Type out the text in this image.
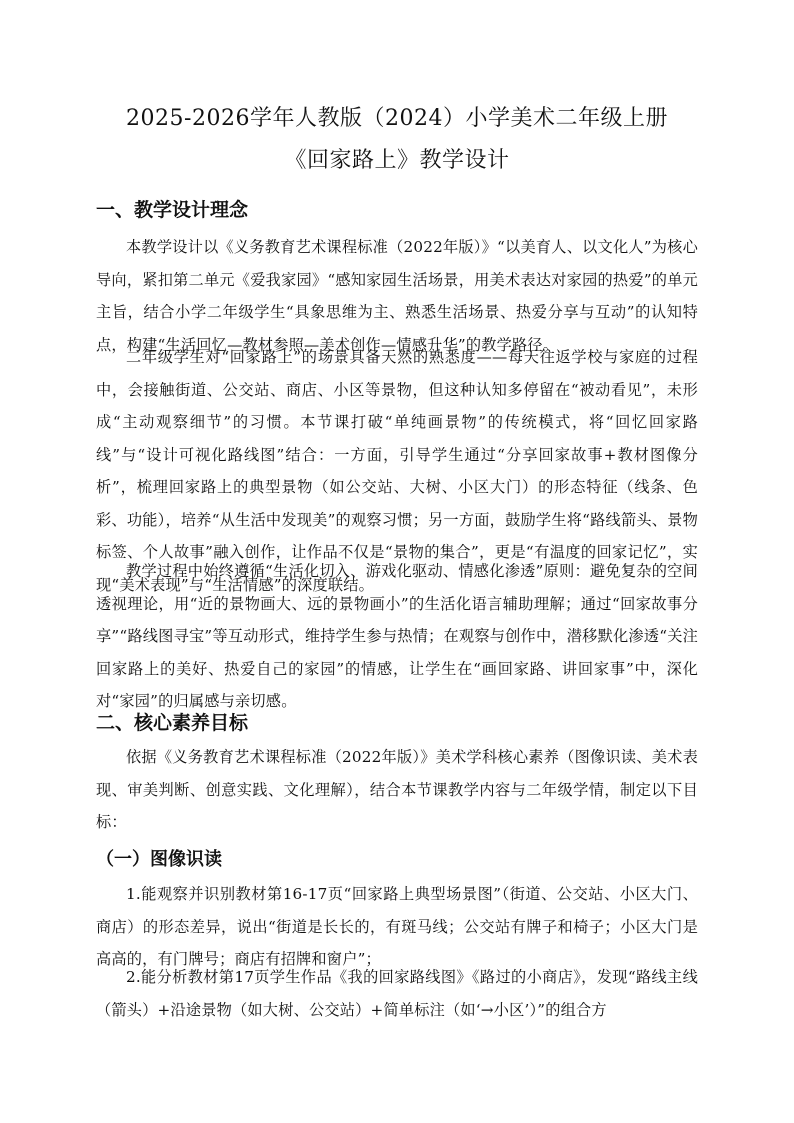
2025-2026学年人教版（2024）小学美术二年级上册
《回家路上》教学设计
一、教学设计理念

本教学设计以《义务教育艺术课程标准（2022年版）》“以美育人、以文化人”为核心导向，紧扣第二单元《爱我家园》“感知家园生活场景，用美术表达对家园的热爱”的单元主旨，结合小学二年级学生“具象思维为主、熟悉生活场景、热爱分享与互动”的认知特点，构建“生活回忆—教材参照—美术创作—情感升华”的教学路径。

二年级学生对“回家路上”的场景具备天然的熟悉度——每天往返学校与家庭的过程中，会接触街道、公交站、商店、小区等景物，但这种认知多停留在“被动看见”，未形成“主动观察细节”的习惯。本节课打破“单纯画景物”的传统模式，将“回忆回家路线”与“设计可视化路线图”结合：一方面，引导学生通过“分享回家故事+教材图像分析”，梳理回家路上的典型景物（如公交站、大树、小区大门）的形态特征（线条、色彩、功能），培养“从生活中发现美”的观察习惯；另一方面，鼓励学生将“路线箭头、景物标签、个人故事”融入创作，让作品不仅是“景物的集合”，更是“有温度的回家记忆”，实现“美术表现”与“生活情感”的深度联结。

教学过程中始终遵循“生活化切入、游戏化驱动、情感化渗透”原则：避免复杂的空间透视理论，用“近的景物画大、远的景物画小”的生活化语言辅助理解；通过“回家故事分享”“路线图寻宝”等互动形式，维持学生参与热情；在观察与创作中，潜移默化渗透“关注回家路上的美好、热爱自己的家园”的情感，让学生在“画回家路、讲回家事”中，深化对“家园”的归属感与亲切感。

二、核心素养目标

依据《义务教育艺术课程标准（2022年版）》美术学科核心素养（图像识读、美术表现、审美判断、创意实践、文化理解），结合本节课教学内容与二年级学情，制定以下目标：

（一）图像识读

1.能观察并识别教材第16-17页“回家路上典型场景图”（街道、公交站、小区大门、商店）的形态差异，说出“街道是长长的，有斑马线；公交站有牌子和椅子；小区大门是高高的，有门牌号；商店有招牌和窗户”；

2.能分析教材第17页学生作品《我的回家路线图》《路过的小商店》，发现“路线主线（箭头）+沿途景物（如大树、公交站）+简单标注（如‘→小区’）”的组合方
